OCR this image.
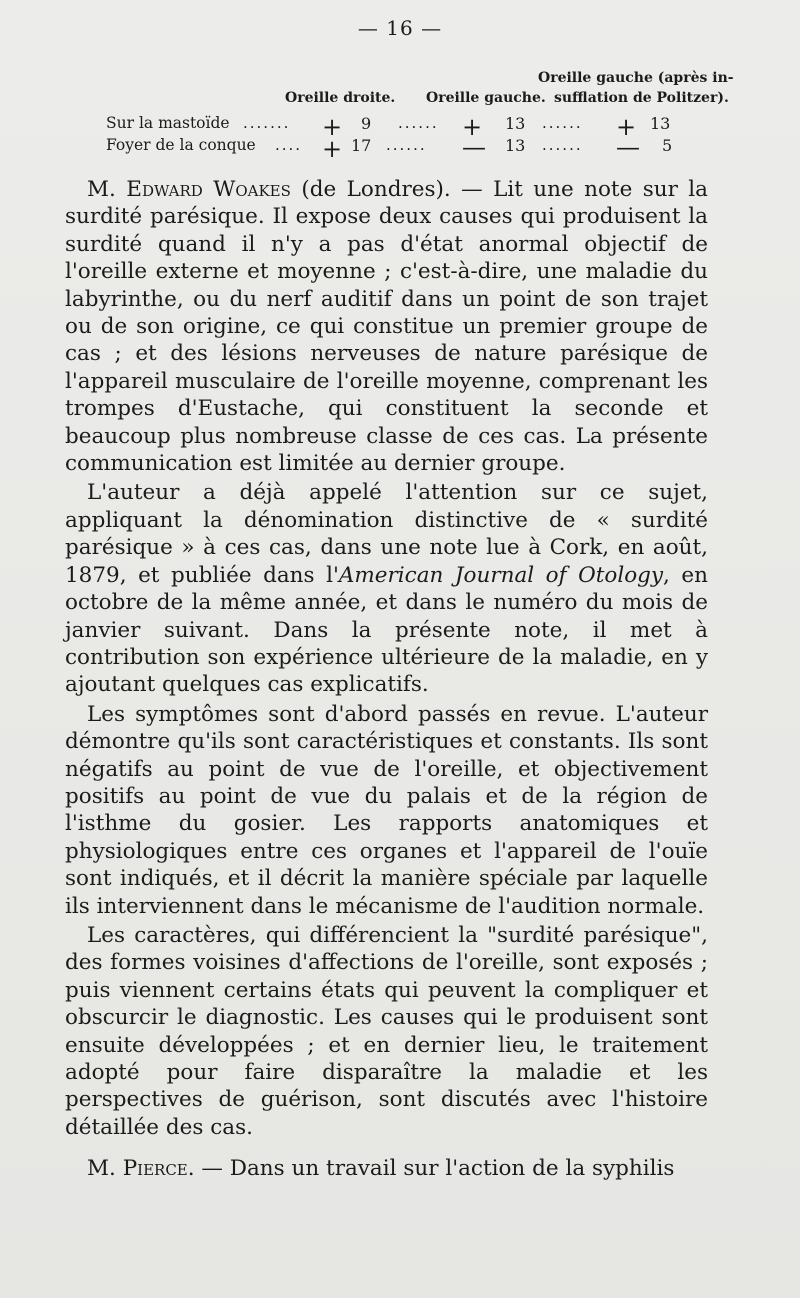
— 16 —
Oreille gauche (après in-
Oreille droite. Oreille gauche. sufflation de Politzer).
Sur la mastoïde ....... + 9 ...... + 13 ...... + 13
Foyer de la conque .... + 17 ...... — 13 ...... — 5

M. Edward Woakes (de Londres). — Lit une note sur la surdité parésique. Il expose deux causes qui produisent la surdité quand il n'y a pas d'état anormal objectif de l'oreille externe et moyenne ; c'est-à-dire, une maladie du labyrinthe, ou du nerf auditif dans un point de son trajet ou de son origine, ce qui constitue un premier groupe de cas ; et des lésions nerveuses de nature parésique de l'appareil musculaire de l'oreille moyenne, comprenant les trompes d'Eustache, qui constituent la seconde et beaucoup plus nombreuse classe de ces cas. La présente communication est limitée au dernier groupe.

L'auteur a déjà appelé l'attention sur ce sujet, appliquant la dénomination distinctive de « surdité parésique » à ces cas, dans une note lue à Cork, en août, 1879, et publiée dans l'American Journal of Otology, en octobre de la même année, et dans le numéro du mois de janvier suivant. Dans la présente note, il met à contribution son expérience ultérieure de la maladie, en y ajoutant quelques cas explicatifs.

Les symptômes sont d'abord passés en revue. L'auteur démontre qu'ils sont caractéristiques et constants. Ils sont négatifs au point de vue de l'oreille, et objectivement positifs au point de vue du palais et de la région de l'isthme du gosier. Les rapports anatomiques et physiologiques entre ces organes et l'appareil de l'ouïe sont indiqués, et il décrit la manière spéciale par laquelle ils interviennent dans le mécanisme de l'audition normale.

Les caractères, qui différencient la "surdité parésique", des formes voisines d'affections de l'oreille, sont exposés ; puis viennent certains états qui peuvent la compliquer et obscurcir le diagnostic. Les causes qui le produisent sont ensuite développées ; et en dernier lieu, le traitement adopté pour faire disparaître la maladie et les perspectives de guérison, sont discutés avec l'histoire détaillée des cas.

M. Pierce. — Dans un travail sur l'action de la syphilis
